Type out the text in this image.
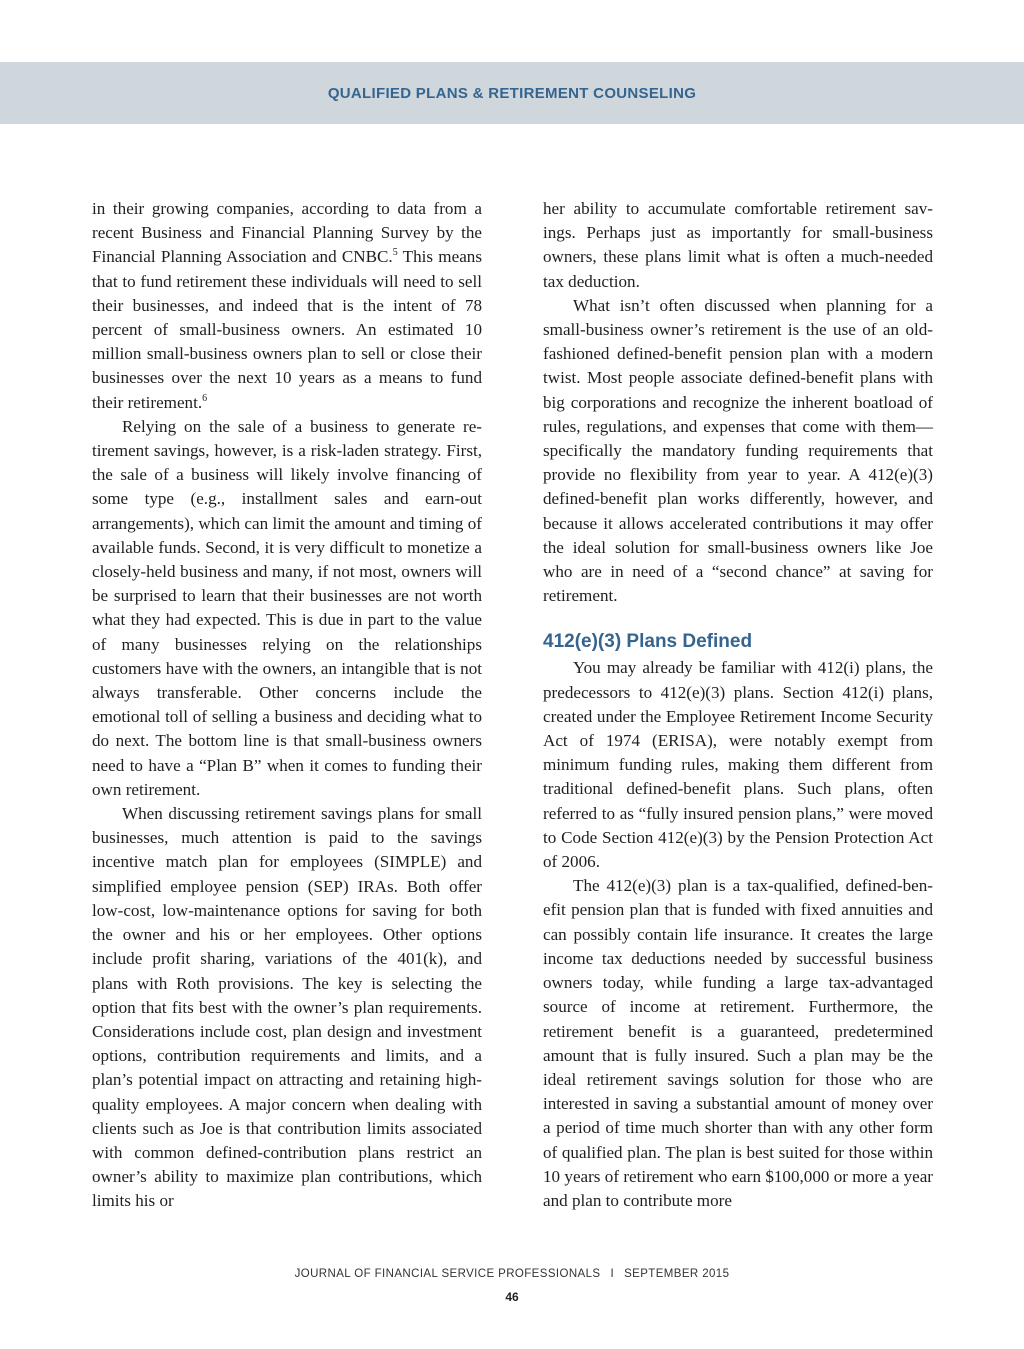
QUALIFIED PLANS & RETIREMENT COUNSELING

in their growing companies, according to data from a recent Business and Financial Planning Survey by the Financial Planning Association and CNBC.$^5$ This means that to fund retirement these individuals will need to sell their businesses, and indeed that is the intent of 78 percent of small-business owners. An estimated 10 million small-business owners plan to sell or close their businesses over the next 10 years as a means to fund their retirement.$^6$

Relying on the sale of a business to generate retirement savings, however, is a risk-laden strategy. First, the sale of a business will likely involve financing of some type (e.g., installment sales and earn-out arrangements), which can limit the amount and timing of available funds. Second, it is very difficult to monetize a closely-held business and many, if not most, owners will be surprised to learn that their businesses are not worth what they had expected. This is due in part to the value of many businesses relying on the relationships customers have with the owners, an intangible that is not always transferable. Other concerns include the emotional toll of selling a business and deciding what to do next. The bottom line is that small-business owners need to have a “Plan B” when it comes to funding their own retirement.

When discussing retirement savings plans for small businesses, much attention is paid to the savings incentive match plan for employees (SIMPLE) and simplified employee pension (SEP) IRAs. Both offer low-cost, low-maintenance options for saving for both the owner and his or her employees. Other options include profit sharing, variations of the 401(k), and plans with Roth provisions. The key is selecting the option that fits best with the owner’s plan requirements. Considerations include cost, plan design and investment options, contribution requirements and limits, and a plan’s potential impact on attracting and retaining high-quality employees. A major concern when dealing with clients such as Joe is that contribution limits associated with common defined-contribution plans restrict an owner’s ability to maximize plan contributions, which limits his or

her ability to accumulate comfortable retirement savings. Perhaps just as importantly for small-business owners, these plans limit what is often a much-needed tax deduction.

What isn’t often discussed when planning for a small-business owner’s retirement is the use of an old-fashioned defined-benefit pension plan with a modern twist. Most people associate defined-benefit plans with big corporations and recognize the inherent boatload of rules, regulations, and expenses that come with them—specifically the mandatory funding requirements that provide no flexibility from year to year. A 412(e)(3) defined-benefit plan works differently, however, and because it allows accelerated contributions it may offer the ideal solution for small-business owners like Joe who are in need of a “second chance” at saving for retirement.

412(e)(3) Plans Defined

You may already be familiar with 412(i) plans, the predecessors to 412(e)(3) plans. Section 412(i) plans, created under the Employee Retirement Income Security Act of 1974 (ERISA), were notably exempt from minimum funding rules, making them different from traditional defined-benefit plans. Such plans, often referred to as “fully insured pension plans,” were moved to Code Section 412(e)(3) by the Pension Protection Act of 2006.

The 412(e)(3) plan is a tax-qualified, defined-benefit pension plan that is funded with fixed annuities and can possibly contain life insurance. It creates the large income tax deductions needed by successful business owners today, while funding a large tax-advantaged source of income at retirement. Furthermore, the retirement benefit is a guaranteed, predetermined amount that is fully insured. Such a plan may be the ideal retirement savings solution for those who are interested in saving a substantial amount of money over a period of time much shorter than with any other form of qualified plan. The plan is best suited for those within 10 years of retirement who earn $100,000 or more a year and plan to contribute more

JOURNAL OF FINANCIAL SERVICE PROFESSIONALS I SEPTEMBER 2015
46
